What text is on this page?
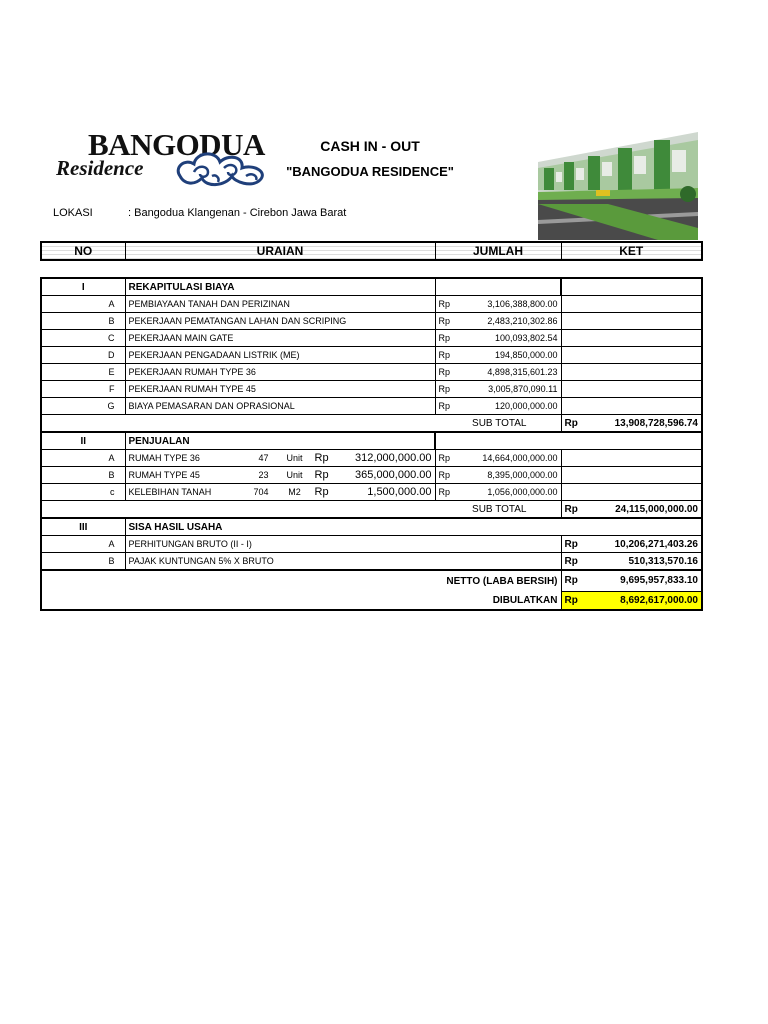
BANGODUA
Residence
CASH IN - OUT
"BANGODUA RESIDENCE"
LOKASI	: Bangodua Klangenan - Cirebon Jawa Barat
NO	URAIAN	JUMLAH	KET

I	REKAPITULASI BIAYA		
A	PEMBIAYAAN TANAH DAN PERIZINAN	Rp 3,106,388,800.00	

B	PEKERJAAN PEMATANGAN LAHAN DAN SCRIPING	Rp 2,483,210,302.86	

C	PEKERJAAN MAIN GATE	Rp 100,093,802.54	

D	PEKERJAAN PENGADAAN LISTRIK (ME)	Rp 194,850,000.00	

E	PEKERJAAN RUMAH TYPE 36	Rp 4,898,315,601.23	

F	PEKERJAAN RUMAH TYPE 45	Rp 3,005,870,090.11	

G	BIAYA PEMASARAN DAN OPRASIONAL	Rp 120,000,000.00	

		SUB TOTAL	Rp 13,908,728,596.74

II	PENJUALAN		
A	RUMAH TYPE 36 47 Unit Rp 312,000,000.00	Rp 14,664,000,000.00	

B	RUMAH TYPE 45 23 Unit Rp 365,000,000.00	Rp 8,395,000,000.00	

c	KELEBIHAN TANAH 704 M2 Rp 1,500,000.00	Rp 1,056,000,000.00	

		SUB TOTAL	Rp 24,115,000,000.00

III	SISA HASIL USAHA		
A	PERHITUNGAN BRUTO (II - I)		Rp 10,206,271,403.26

B	PAJAK KUNTUNGAN 5% X BRUTO		Rp 510,313,570.16

		NETTO (LABA BERSIH)	Rp 9,695,957,833.10

		DIBULATKAN	Rp 8,692,617,000.00
